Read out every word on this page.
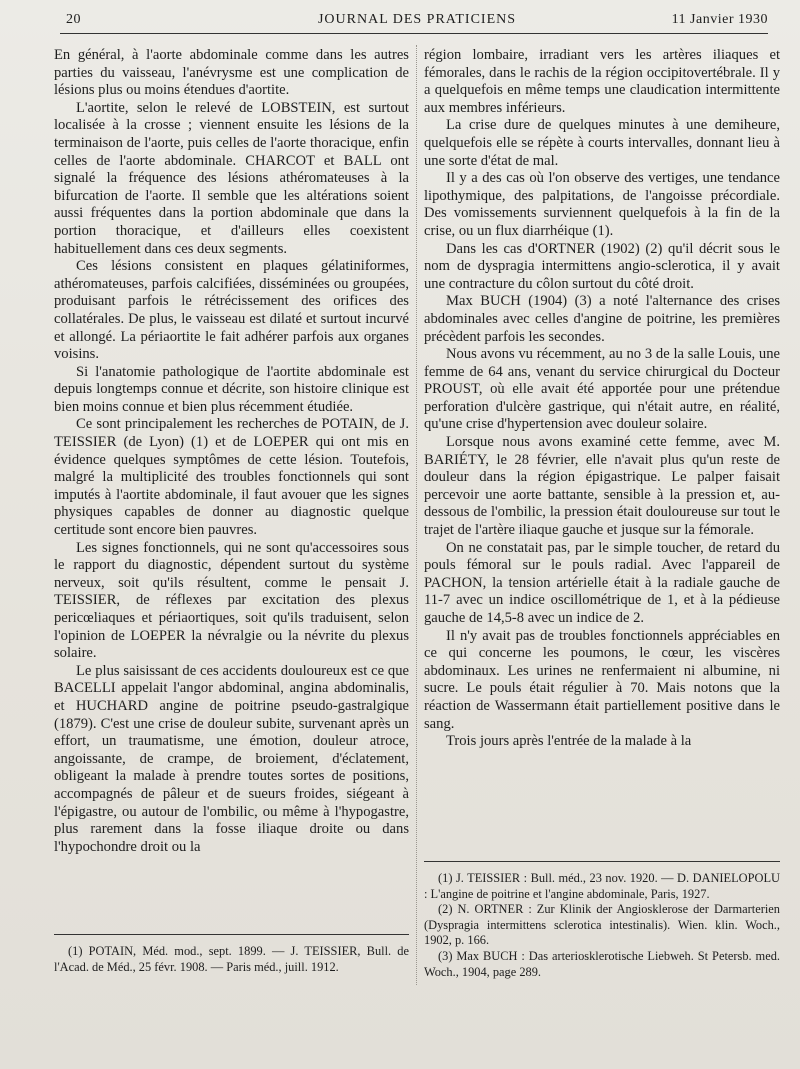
20	JOURNAL DES PRATICIENS	11 Janvier 1930

En général, à l'aorte abdominale comme dans les autres parties du vaisseau, l'anévrysme est une complication de lésions plus ou moins étendues d'aortite.

L'aortite, selon le relevé de LOBSTEIN, est surtout localisée à la crosse ; viennent ensuite les lésions de la terminaison de l'aorte, puis celles de l'aorte thoracique, enfin celles de l'aorte abdominale. CHARCOT et BALL ont signalé la fréquence des lésions athéromateuses à la bifurcation de l'aorte. Il semble que les altérations soient aussi fréquentes dans la portion abdominale que dans la portion thoracique, et d'ailleurs elles coexistent habituellement dans ces deux segments.

Ces lésions consistent en plaques gélatiniformes, athéromateuses, parfois calcifiées, disséminées ou groupées, produisant parfois le rétrécissement des orifices des collatérales. De plus, le vaisseau est dilaté et surtout incurvé et allongé. La périaortite le fait adhérer parfois aux organes voisins.

Si l'anatomie pathologique de l'aortite abdominale est depuis longtemps connue et décrite, son histoire clinique est bien moins connue et bien plus récemment étudiée.

Ce sont principalement les recherches de POTAIN, de J. TEISSIER (de Lyon) (1) et de LOEPER qui ont mis en évidence quelques symptômes de cette lésion. Toutefois, malgré la multiplicité des troubles fonctionnels qui sont imputés à l'aortite abdominale, il faut avouer que les signes physiques capables de donner au diagnostic quelque certitude sont encore bien pauvres.

Les signes fonctionnels, qui ne sont qu'accessoires sous le rapport du diagnostic, dépendent surtout du système nerveux, soit qu'ils résultent, comme le pensait J. TEISSIER, de réflexes par excitation des plexus pericœliaques et périaortiques, soit qu'ils traduisent, selon l'opinion de LOEPER la névralgie ou la névrite du plexus solaire.

Le plus saisissant de ces accidents douloureux est ce que BACELLI appelait l'angor abdominal, angina abdominalis, et HUCHARD angine de poitrine pseudo-gastralgique (1879). C'est une crise de douleur subite, survenant après un effort, un traumatisme, une émotion, douleur atroce, angoissante, de crampe, de broiement, d'éclatement, obligeant la malade à prendre toutes sortes de positions, accompagnés de pâleur et de sueurs froides, siégeant à l'épigastre, ou autour de l'ombilic, ou même à l'hypogastre, plus rarement dans la fosse iliaque droite ou dans l'hypochondre droit ou la

région lombaire, irradiant vers les artères iliaques et fémorales, dans le rachis de la région occipitovertébrale. Il y a quelquefois en même temps une claudication intermittente aux membres inférieurs.

La crise dure de quelques minutes à une demiheure, quelquefois elle se répète à courts intervalles, donnant lieu à une sorte d'état de mal.

Il y a des cas où l'on observe des vertiges, une tendance lipothymique, des palpitations, de l'angoisse précordiale. Des vomissements surviennent quelquefois à la fin de la crise, ou un flux diarrhéique (1).

Dans les cas d'ORTNER (1902) (2) qu'il décrit sous le nom de dyspragia intermittens angio-sclerotica, il y avait une contracture du côlon surtout du côté droit.

Max BUCH (1904) (3) a noté l'alternance des crises abdominales avec celles d'angine de poitrine, les premières précèdent parfois les secondes.

Nous avons vu récemment, au no 3 de la salle Louis, une femme de 64 ans, venant du service chirurgical du Docteur PROUST, où elle avait été apportée pour une prétendue perforation d'ulcère gastrique, qui n'était autre, en réalité, qu'une crise d'hypertension avec douleur solaire.

Lorsque nous avons examiné cette femme, avec M. BARIÉTY, le 28 février, elle n'avait plus qu'un reste de douleur dans la région épigastrique. Le palper faisait percevoir une aorte battante, sensible à la pression et, au-dessous de l'ombilic, la pression était douloureuse sur tout le trajet de l'artère iliaque gauche et jusque sur la fémorale.

On ne constatait pas, par le simple toucher, de retard du pouls fémoral sur le pouls radial. Avec l'appareil de PACHON, la tension artérielle était à la radiale gauche de 11-7 avec un indice oscillométrique de 1, et à la pédieuse gauche de 14,5-8 avec un indice de 2.

Il n'y avait pas de troubles fonctionnels appréciables en ce qui concerne les poumons, le cœur, les viscères abdominaux. Les urines ne renfermaient ni albumine, ni sucre. Le pouls était régulier à 70. Mais notons que la réaction de Wassermann était partiellement positive dans le sang.

Trois jours après l'entrée de la malade à la

(1) J. TEISSIER : Bull. méd., 23 nov. 1920. — D. DANIELOPOLU : L'angine de poitrine et l'angine abdominale, Paris, 1927.

(2) N. ORTNER : Zur Klinik der Angiosklerose der Darmarterien (Dyspragia intermittens sclerotica intestinalis). Wien. klin. Woch., 1902, p. 166.

(3) Max BUCH : Das arteriosklerotische Liebweh. St Petersb. med. Woch., 1904, page 289.

(1) POTAIN, Méd. mod., sept. 1899. — J. TEISSIER, Bull. de l'Acad. de Méd., 25 févr. 1908. — Paris méd., juill. 1912.
